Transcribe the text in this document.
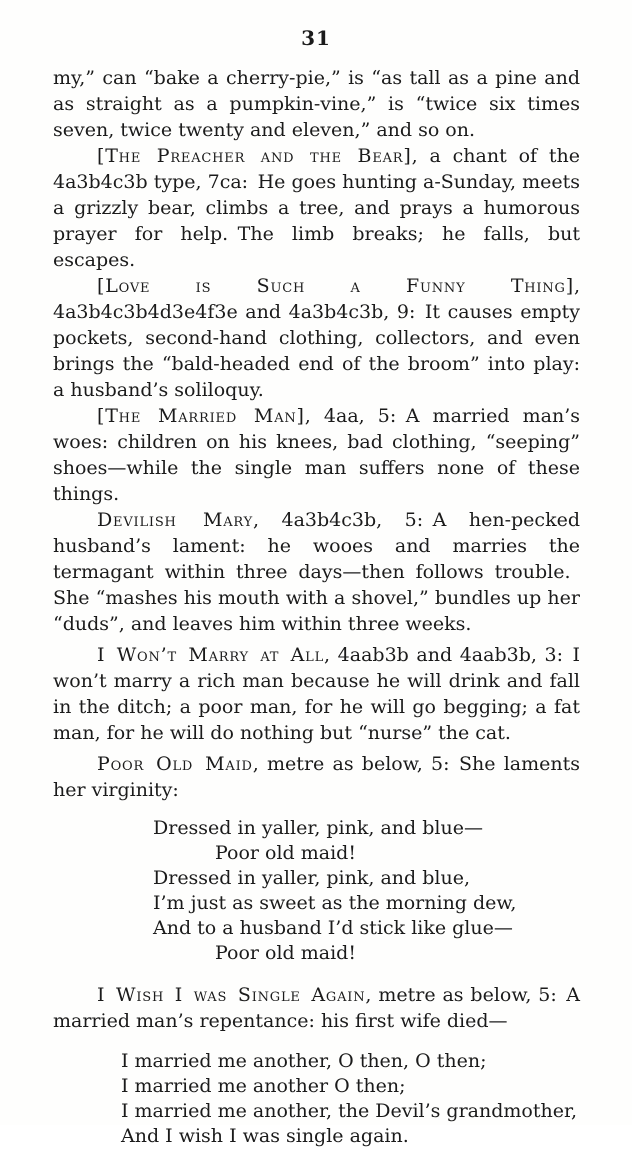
31

my,” can “bake a cherry-pie,” is “as tall as a pine and as straight as a pumpkin-vine,” is “twice six times seven, twice twenty and eleven,” and so on.

[The Preacher and the Bear], a chant of the 4a3b4c3b type, 7ca: He goes hunting a-Sunday, meets a grizzly bear, climbs a tree, and prays a humorous prayer for help. The limb breaks; he falls, but escapes.

[Love is Such a Funny Thing], 4a3b4c3b4d3e4f3e and 4a3b4c3b, 9: It causes empty pockets, second-hand clothing, collectors, and even brings the “bald-headed end of the broom” into play: a husband’s soliloquy.

[The Married Man], 4aa, 5: A married man’s woes: children on his knees, bad clothing, “seeping” shoes—while the single man suffers none of these things.

Devilish Mary, 4a3b4c3b, 5: A hen-pecked husband’s lament: he wooes and marries the termagant within three days—then follows trouble. She “mashes his mouth with a shovel,” bundles up her “duds”, and leaves him within three weeks.

I Won’t Marry at All, 4aab3b and 4aab3b, 3: I won’t marry a rich man because he will drink and fall in the ditch; a poor man, for he will go begging; a fat man, for he will do nothing but “nurse” the cat.

Poor Old Maid, metre as below, 5: She laments her virginity:

Dressed in yaller, pink, and blue—
Poor old maid!
Dressed in yaller, pink, and blue,
I’m just as sweet as the morning dew,
And to a husband I’d stick like glue—
Poor old maid!

I Wish I was Single Again, metre as below, 5: A married man’s repentance: his first wife died—

I married me another, O then, O then;
I married me another O then;
I married me another, the Devil’s grandmother,
And I wish I was single again.
